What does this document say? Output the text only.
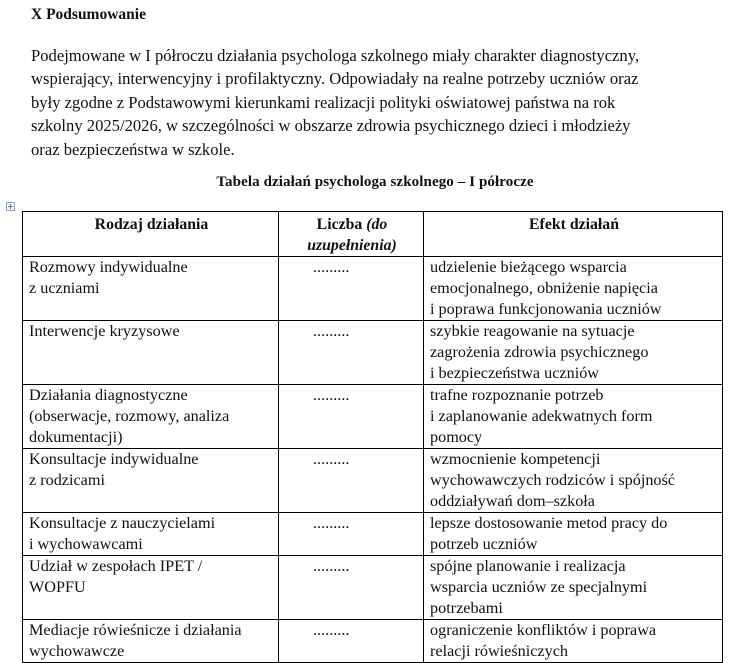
X Podsumowanie

Podejmowane w I półroczu działania psychologa szkolnego miały charakter diagnostyczny,
wspierający, interwencyjny i profilaktyczny. Odpowiadały na realne potrzeby uczniów oraz
były zgodne z Podstawowymi kierunkami realizacji polityki oświatowej państwa na rok
szkolny 2025/2026, w szczególności w obszarze zdrowia psychicznego dzieci i młodzieży
oraz bezpieczeństwa w szkole.

Tabela działań psychologa szkolnego – I półrocze

Rodzaj działania	Liczba (do
uzupełnienia)	Efekt działań

Rozmowy indywidualne
z uczniami	.........	udzielenie bieżącego wsparcia
emocjonalnego, obniżenie napięcia
i poprawa funkcjonowania uczniów

Interwencje kryzysowe	.........	szybkie reagowanie na sytuacje
zagrożenia zdrowia psychicznego
i bezpieczeństwa uczniów

Działania diagnostyczne
(obserwacje, rozmowy, analiza
dokumentacji)	.........	trafne rozpoznanie potrzeb
i zaplanowanie adekwatnych form
pomocy

Konsultacje indywidualne
z rodzicami	.........	wzmocnienie kompetencji
wychowawczych rodziców i spójność
oddziaływań dom–szkoła

Konsultacje z nauczycielami
i wychowawcami	.........	lepsze dostosowanie metod pracy do
potrzeb uczniów

Udział w zespołach IPET /
WOPFU	.........	spójne planowanie i realizacja
wsparcia uczniów ze specjalnymi
potrzebami

Mediacje rówieśnicze i działania
wychowawcze	.........	ograniczenie konfliktów i poprawa
relacji rówieśniczych
